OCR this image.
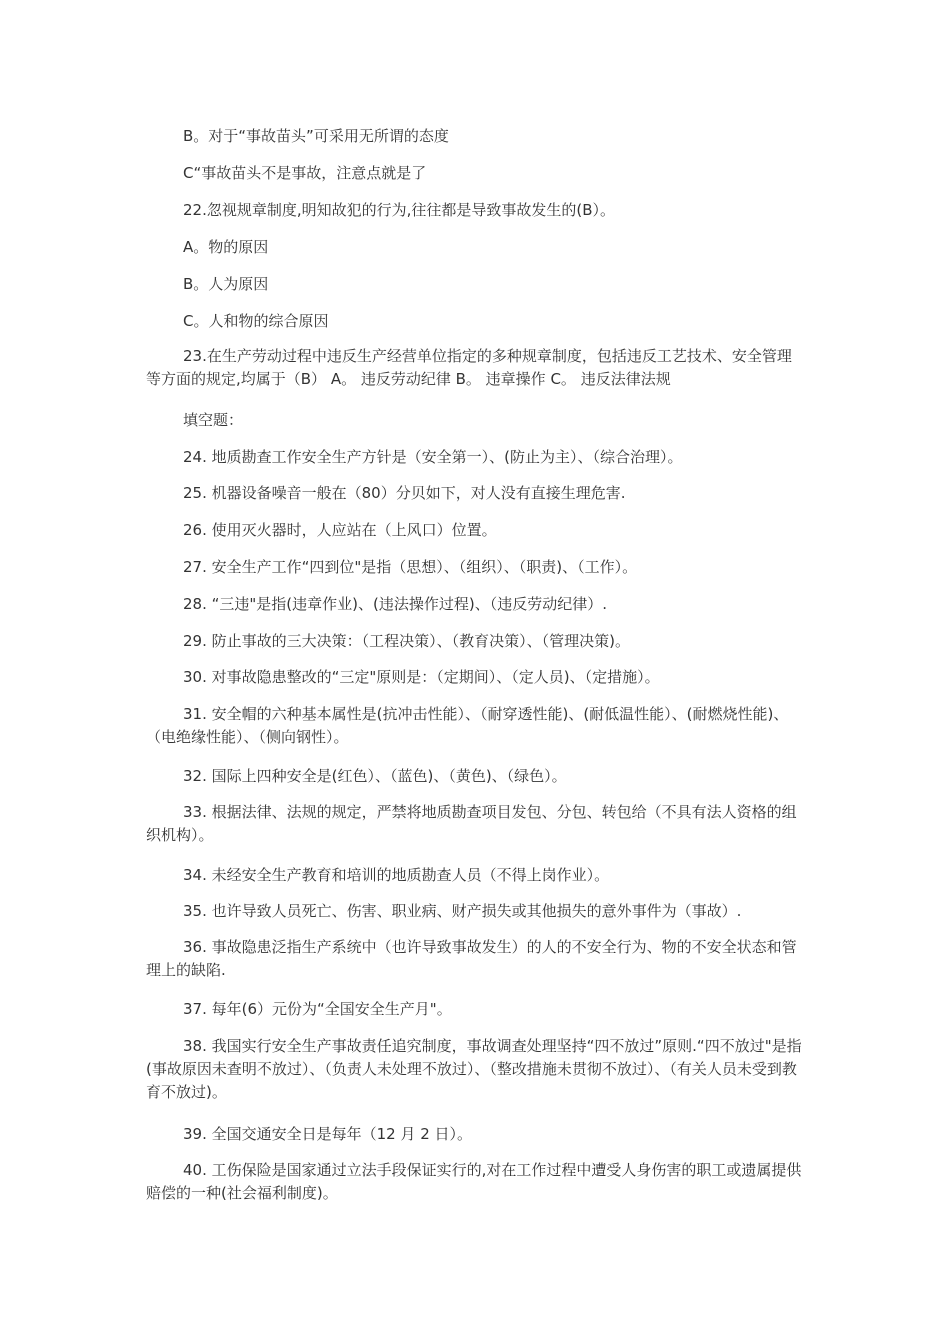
B。对于“事故苗头”可采用无所谓的态度
C“事故苗头不是事故，注意点就是了
22.忽视规章制度,明知故犯的行为,往往都是导致事故发生的(B）。
A。物的原因
B。人为原因
C。人和物的综合原因
23.在生产劳动过程中违反生产经营单位指定的多种规章制度，包括违反工艺技术、安全管理等方面的规定,均属于（B） A。 违反劳动纪律 B。 违章操作 C。 违反法律法规
填空题：
24. 地质勘查工作安全生产方针是（安全第一）、(防止为主）、（综合治理）。
25. 机器设备噪音一般在（80）分贝如下，对人没有直接生理危害.
26. 使用灭火器时，人应站在（上风口）位置。
27. 安全生产工作“四到位"是指（思想）、（组织）、（职责)、（工作）。
28. “三违"是指(违章作业)、(违法操作过程)、（违反劳动纪律）.
29. 防止事故的三大决策：（工程决策）、（教育决策）、（管理决策)。
30. 对事故隐患整改的“三定"原则是：（定期间）、（定人员)、（定措施）。
31. 安全帽的六种基本属性是(抗冲击性能）、（耐穿透性能)、(耐低温性能）、(耐燃烧性能)、（电绝缘性能）、（侧向钢性）。
32. 国际上四种安全是(红色）、（蓝色)、（黄色)、（绿色）。
33. 根据法律、法规的规定，严禁将地质勘查项目发包、分包、转包给（不具有法人资格的组织机构）。
34. 未经安全生产教育和培训的地质勘查人员（不得上岗作业）。
35. 也许导致人员死亡、伤害、职业病、财产损失或其他损失的意外事件为（事故）.
36. 事故隐患泛指生产系统中（也许导致事故发生）的人的不安全行为、物的不安全状态和管理上的缺陷.
37. 每年(6）元份为“全国安全生产月"。
38. 我国实行安全生产事故责任追究制度，事故调查处理坚持“四不放过”原则.“四不放过"是指(事故原因未查明不放过）、（负责人未处理不放过）、（整改措施未贯彻不放过）、（有关人员未受到教育不放过)。
39. 全国交通安全日是每年（12 月 2 日）。
40. 工伤保险是国家通过立法手段保证实行的,对在工作过程中遭受人身伤害的职工或遗属提供赔偿的一种(社会福利制度)。
